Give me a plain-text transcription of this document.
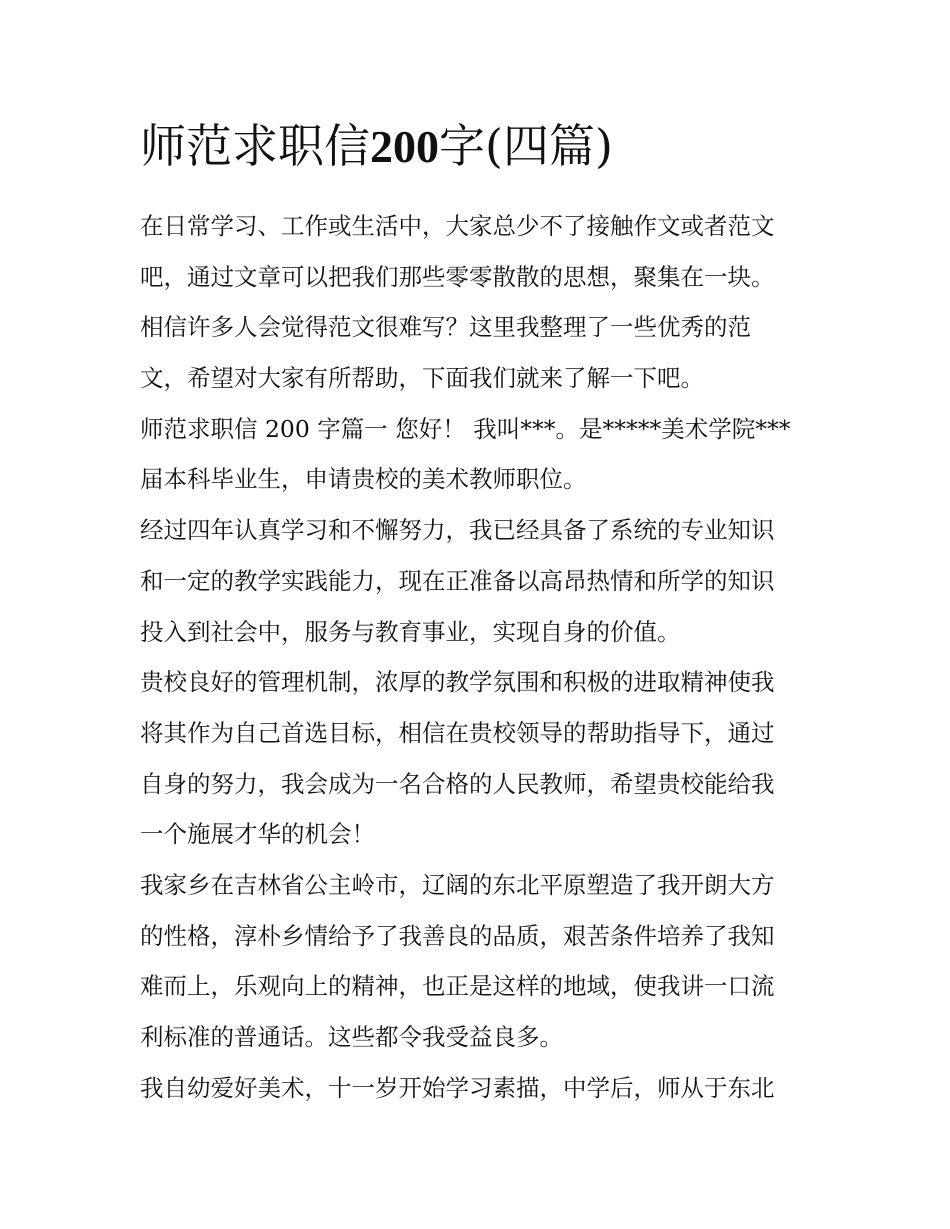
师范求职信200字(四篇)
在日常学习、工作或生活中，大家总少不了接触作文或者范文
吧，通过文章可以把我们那些零零散散的思想，聚集在一块。
相信许多人会觉得范文很难写？这里我整理了一些优秀的范
文，希望对大家有所帮助，下面我们就来了解一下吧。
师范求职信 200 字篇一 您好！ 我叫***。是*****美术学院***
届本科毕业生，申请贵校的美术教师职位。
经过四年认真学习和不懈努力，我已经具备了系统的专业知识
和一定的教学实践能力，现在正准备以高昂热情和所学的知识
投入到社会中，服务与教育事业，实现自身的价值。
贵校良好的管理机制，浓厚的教学氛围和积极的进取精神使我
将其作为自己首选目标，相信在贵校领导的帮助指导下，通过
自身的努力，我会成为一名合格的人民教师，希望贵校能给我
一个施展才华的机会！
我家乡在吉林省公主岭市，辽阔的东北平原塑造了我开朗大方
的性格，淳朴乡情给予了我善良的品质，艰苦条件培养了我知
难而上，乐观向上的精神，也正是这样的地域，使我讲一口流
利标准的普通话。这些都令我受益良多。
我自幼爱好美术，十一岁开始学习素描，中学后，师从于东北
